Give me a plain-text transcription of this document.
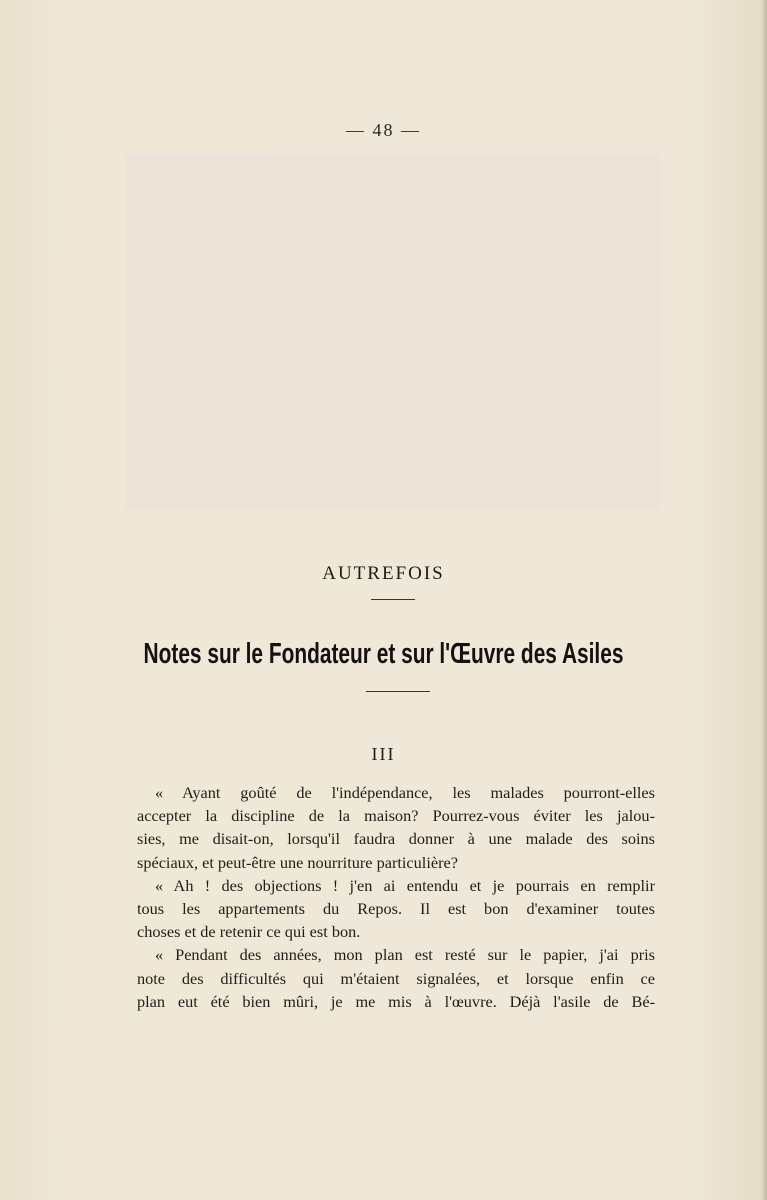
— 48 —
AUTREFOIS
Notes sur le Fondateur et sur l'Œuvre des Asiles
III
« Ayant goûté de l'indépendance, les malades pourront-elles
accepter la discipline de la maison? Pourrez-vous éviter les jalou-
sies, me disait-on, lorsqu'il faudra donner à une malade des soins
spéciaux, et peut-être une nourriture particulière?
« Ah ! des objections ! j'en ai entendu et je pourrais en remplir
tous les appartements du Repos. Il est bon d'examiner toutes
choses et de retenir ce qui est bon.
« Pendant des années, mon plan est resté sur le papier, j'ai pris
note des difficultés qui m'étaient signalées, et lorsque enfin ce
plan eut été bien mûri, je me mis à l'œuvre. Déjà l'asile de Bé-
